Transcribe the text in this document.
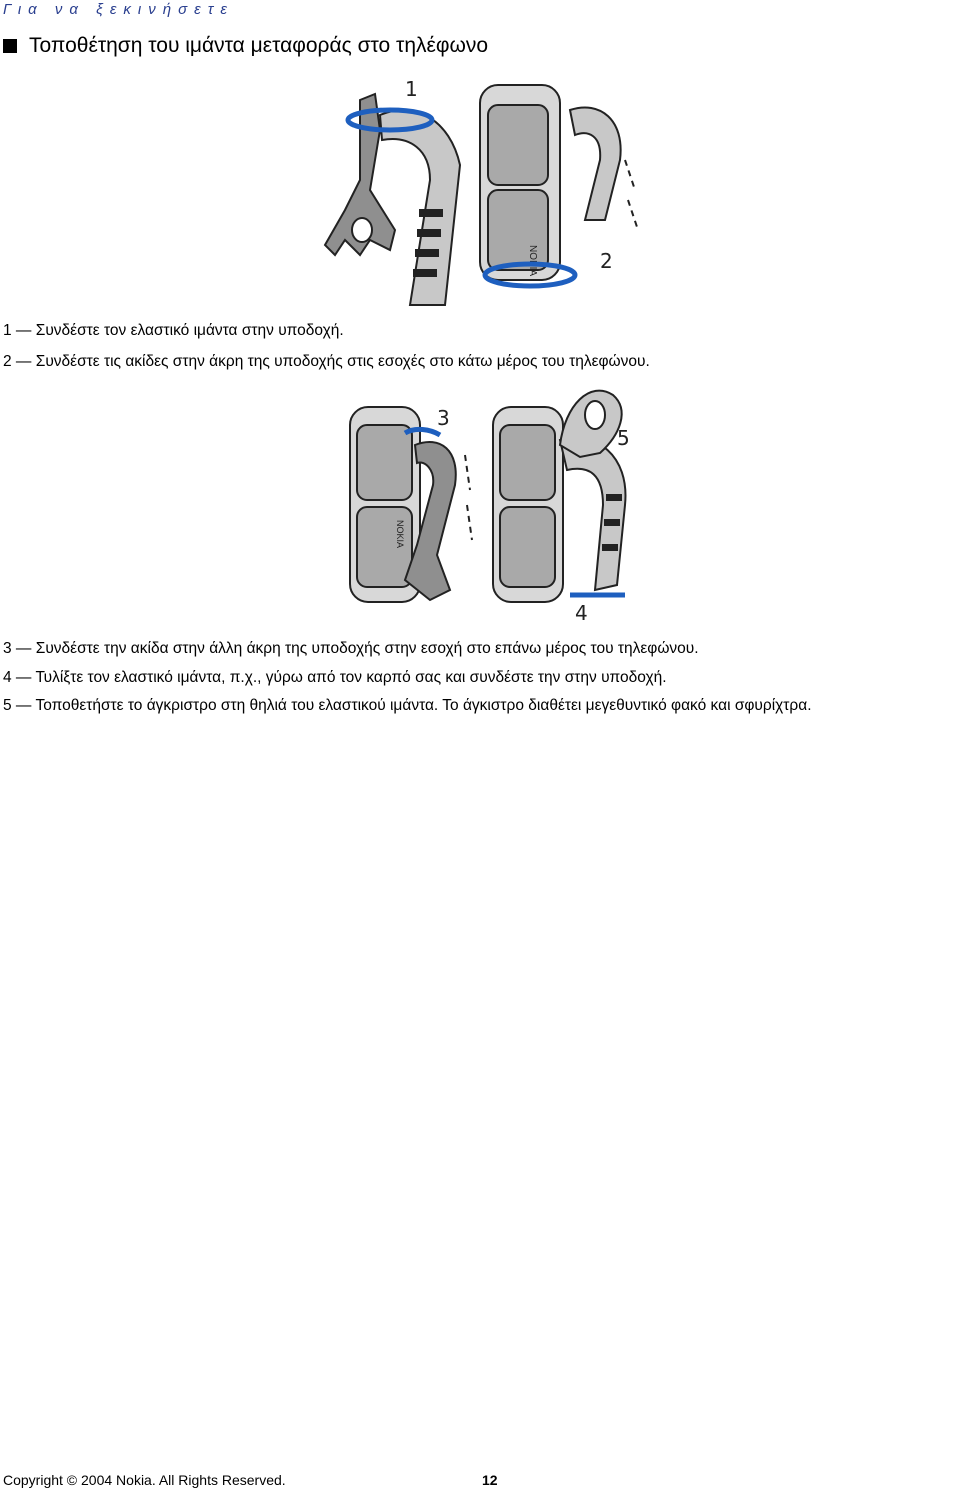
Για να ξεκινήσετε
Τοποθέτηση του ιμάντα μεταφοράς στο τηλέφωνο
1
NOKIA	2
1 — Συνδέστε τον ελαστικό ιμάντα στην υποδοχή.
2 — Συνδέστε τις ακίδες στην άκρη της υποδοχής στις εσοχές στο κάτω μέρος του τηλεφώνου.
NOKIA
3
5
4
3 — Συνδέστε την ακίδα στην άλλη άκρη της υποδοχής στην εσοχή στο επάνω μέρος του τηλεφώνου.
4 — Τυλίξτε τον ελαστικό ιμάντα, π.χ., γύρω από τον καρπό σας και συνδέστε την στην υποδοχή.
5 — Τοποθετήστε το άγκριστρο στη θηλιά του ελαστικού ιμάντα. Το άγκιστρο διαθέτει μεγεθυντικό φακό και σφυρίχτρα.
Copyright © 2004 Nokia. All Rights Reserved.	12
